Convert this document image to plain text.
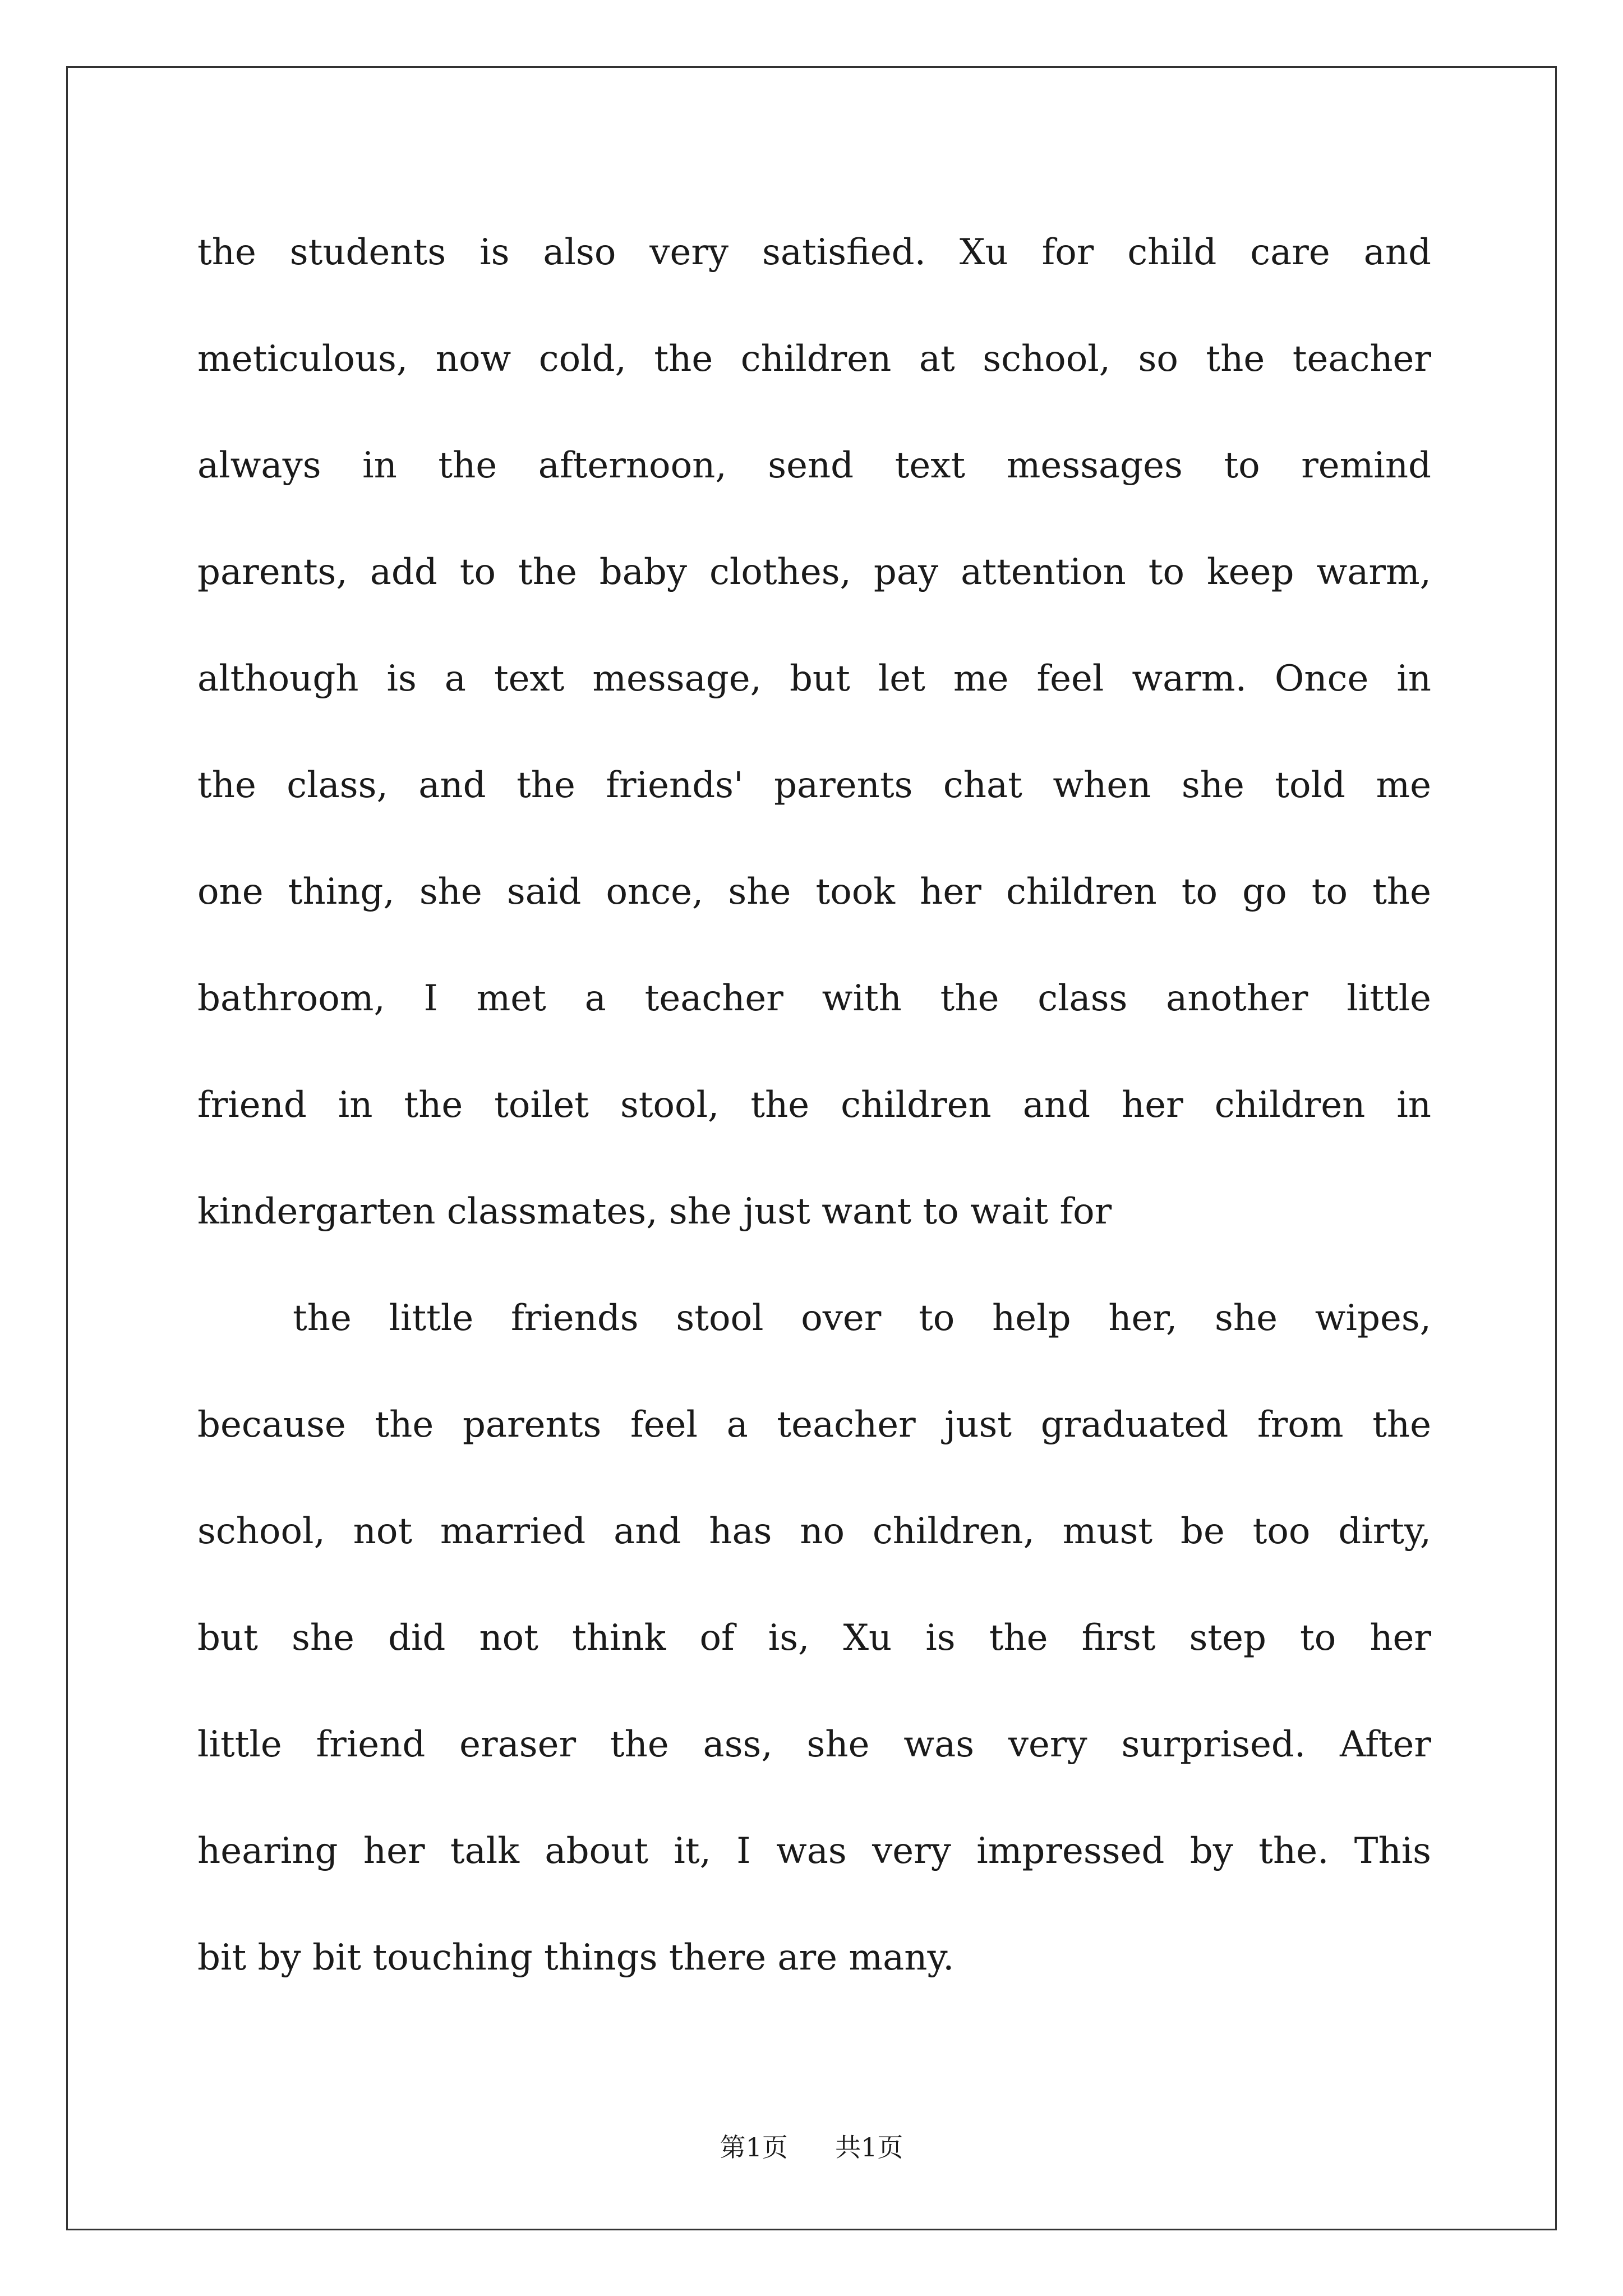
the students is also very satisfied. Xu for child care and
meticulous, now cold, the children at school, so the teacher
always in the afternoon, send text messages to remind
parents, add to the baby clothes, pay attention to keep warm,
although is a text message, but let me feel warm. Once in
the class, and the friends' parents chat when she told me
one thing, she said once, she took her children to go to the
bathroom, I met a teacher with the class another little
friend in the toilet stool, the children and her children in
kindergarten classmates, she just want to wait for
the little friends stool over to help her, she wipes,
because the parents feel a teacher just graduated from the
school, not married and has no children, must be too dirty,
but she did not think of is, Xu is the first step to her
little friend eraser the ass, she was very surprised. After
hearing her talk about it, I was very impressed by the. This
bit by bit touching things there are many.
第1页 共1页
